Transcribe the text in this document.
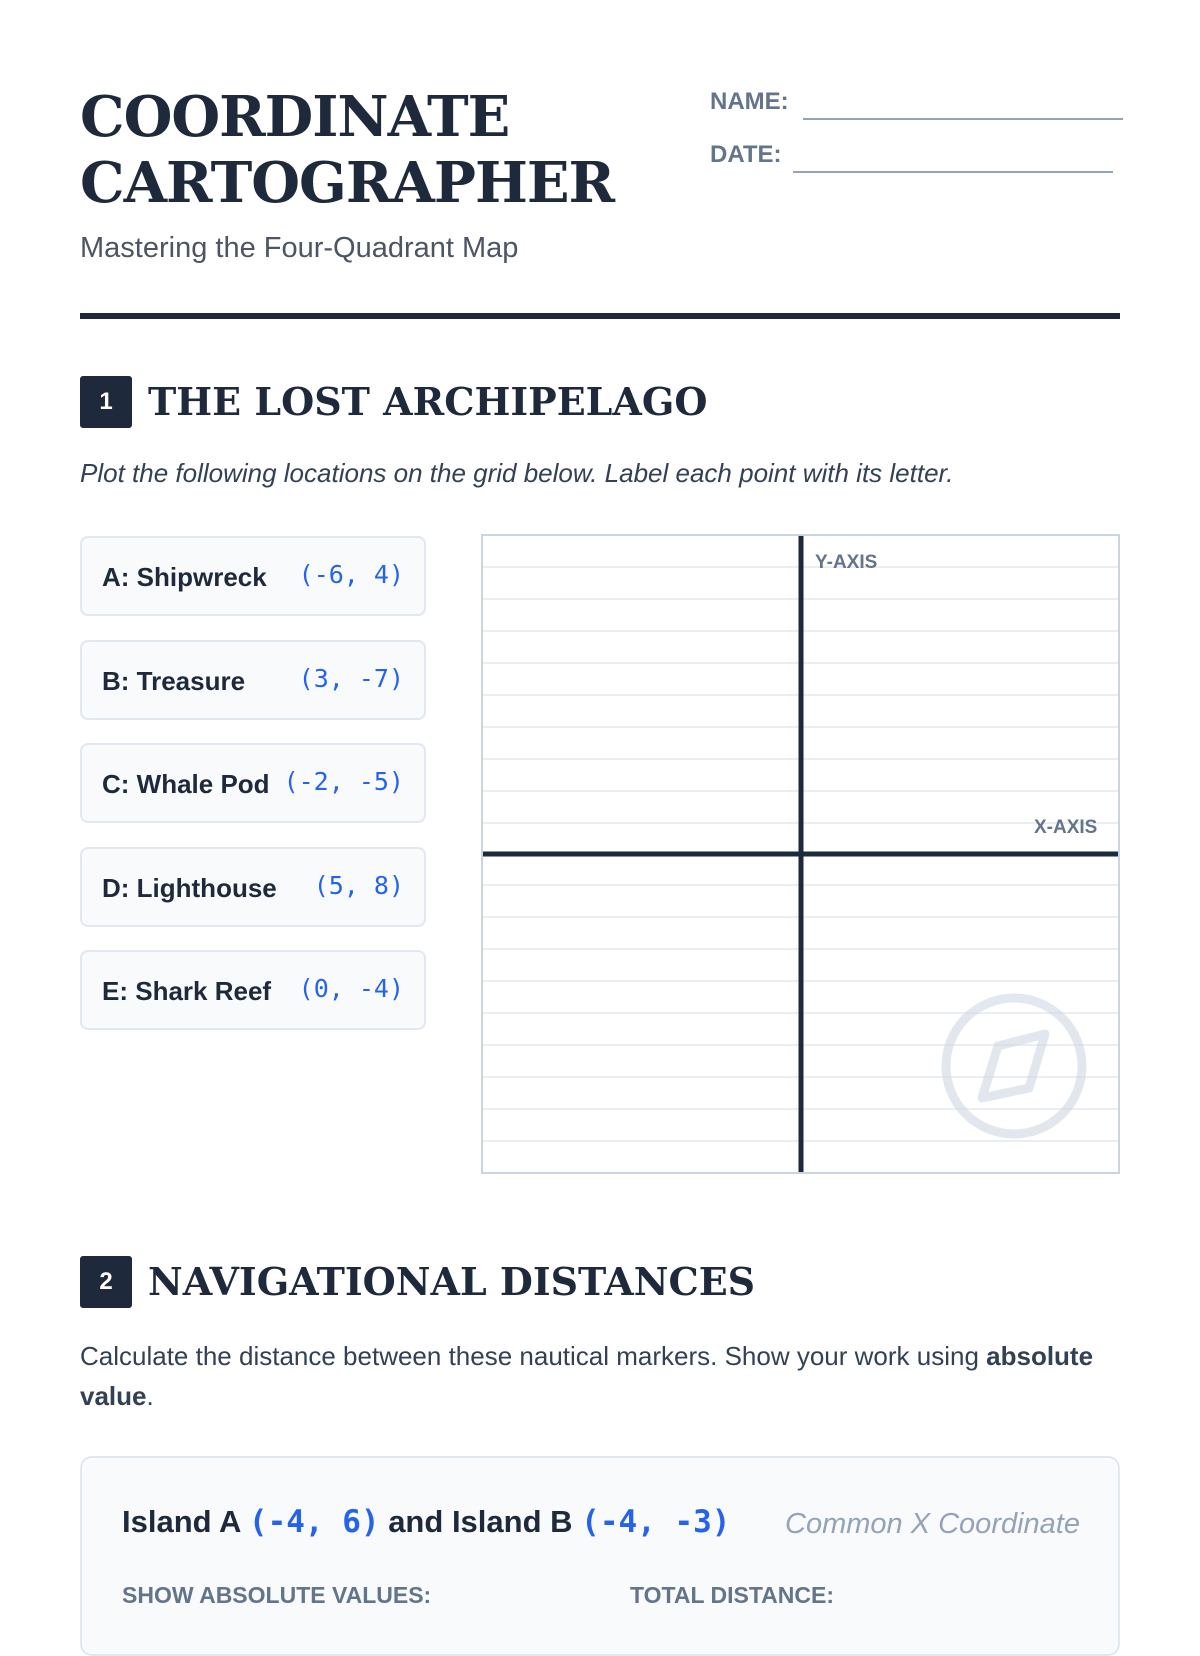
COORDINATE
CARTOGRAPHER
Mastering the Four-Quadrant Map
NAME:
DATE:
1 THE LOST ARCHIPELAGO
Plot the following locations on the grid below. Label each point with its letter.
A: Shipwreck (-6, 4)
B: Treasure (3, -7)
C: Whale Pod (-2, -5)
D: Lighthouse (5, 8)
E: Shark Reef (0, -4)
Y-AXIS
X-AXIS
2 NAVIGATIONAL DISTANCES
Calculate the distance between these nautical markers. Show your work using absolute value.
Island A (-4, 6) and Island B (-4, -3) Common X Coordinate
SHOW ABSOLUTE VALUES:	TOTAL DISTANCE:
